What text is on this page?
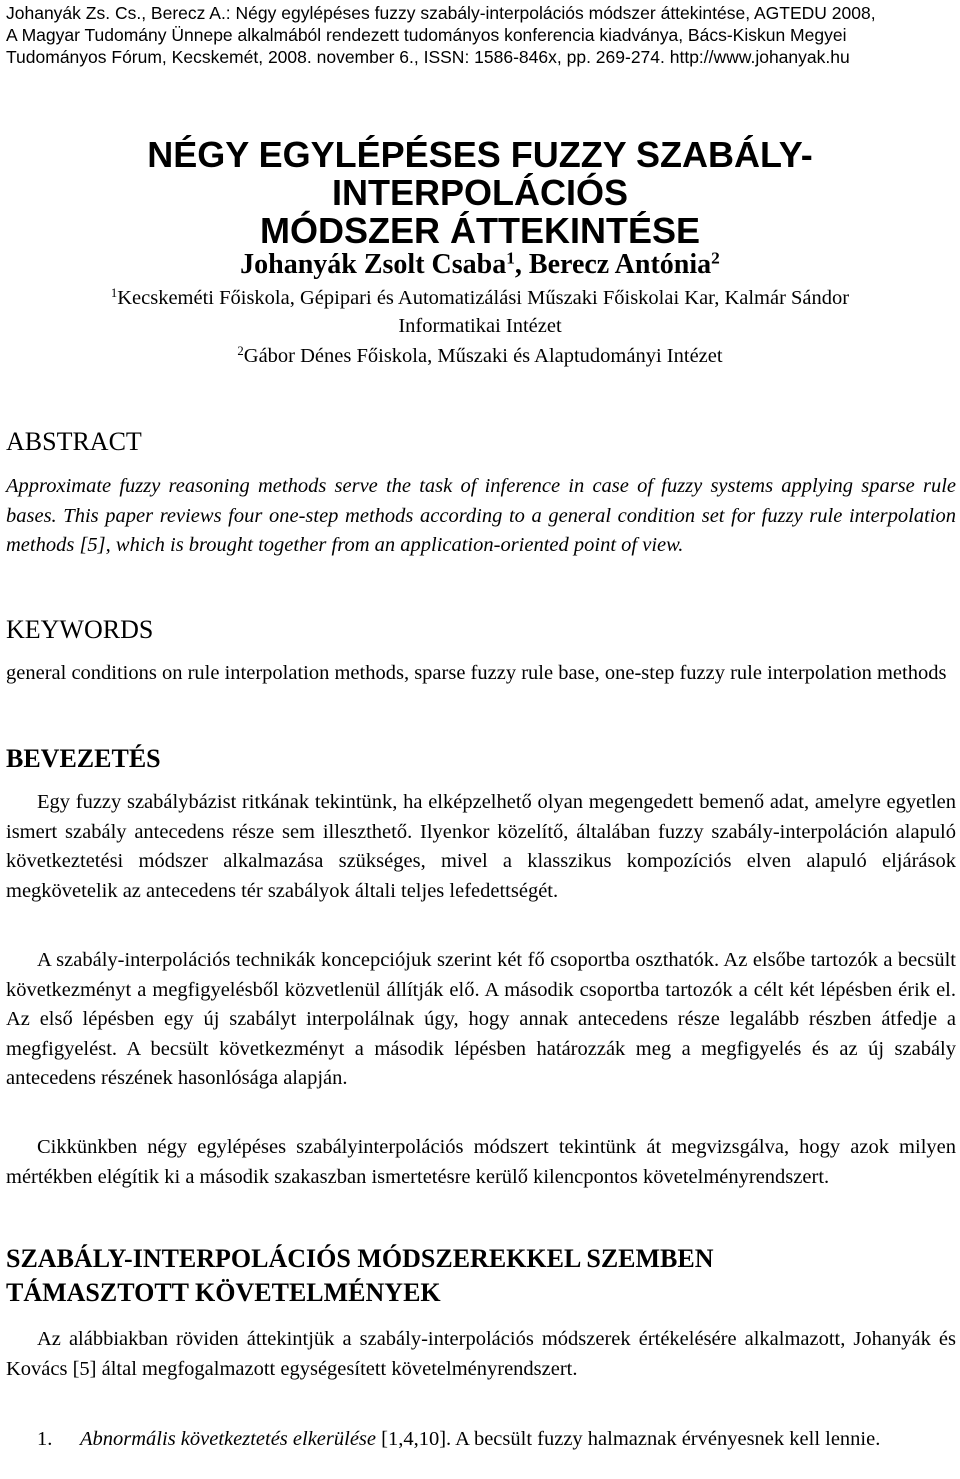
Johanyák Zs. Cs., Berecz A.: Négy egylépéses fuzzy szabály-interpolációs módszer áttekintése, AGTEDU 2008,
A Magyar Tudomány Ünnepe alkalmából rendezett tudományos konferencia kiadványa, Bács-Kiskun Megyei
Tudományos Fórum, Kecskemét, 2008. november 6., ISSN: 1586-846x, pp. 269-274. http://www.johanyak.hu
NÉGY EGYLÉPÉSES FUZZY SZABÁLY-INTERPOLÁCIÓS
MÓDSZER ÁTTEKINTÉSE
Johanyák Zsolt Csaba$^1$, Berecz Antónia$^2$
$^1$Kecskeméti Főiskola, Gépipari és Automatizálási Műszaki Főiskolai Kar, Kalmár Sándor
Informatikai Intézet
$^2$Gábor Dénes Főiskola, Műszaki és Alaptudományi Intézet
ABSTRACT
Approximate fuzzy reasoning methods serve the task of inference in case of fuzzy systems applying sparse rule bases. This paper reviews four one-step methods according to a general condition set for fuzzy rule interpolation methods [5], which is brought together from an application-oriented point of view.
KEYWORDS
general conditions on rule interpolation methods, sparse fuzzy rule base, one-step fuzzy rule interpolation methods
BEVEZETÉS
Egy fuzzy szabálybázist ritkának tekintünk, ha elképzelhető olyan megengedett bemenő adat, amelyre egyetlen ismert szabály antecedens része sem illeszthető. Ilyenkor közelítő, általában fuzzy szabály-interpoláción alapuló következtetési módszer alkalmazása szükséges, mivel a klasszikus kompozíciós elven alapuló eljárások megkövetelik az antecedens tér szabályok általi teljes lefedettségét.
A szabály-interpolációs technikák koncepciójuk szerint két fő csoportba oszthatók. Az elsőbe tartozók a becsült következményt a megfigyelésből közvetlenül állítják elő. A második csoportba tartozók a célt két lépésben érik el. Az első lépésben egy új szabályt interpolálnak úgy, hogy annak antecedens része legalább részben átfedje a megfigyelést. A becsült következményt a második lépésben határozzák meg a megfigyelés és az új szabály antecedens részének hasonlósága alapján.
Cikkünkben négy egylépéses szabályinterpolációs módszert tekintünk át megvizsgálva, hogy azok milyen mértékben elégítik ki a második szakaszban ismertetésre kerülő kilencpontos követelményrendszert.
SZABÁLY-INTERPOLÁCIÓS MÓDSZEREKKEL SZEMBEN
TÁMASZTOTT KÖVETELMÉNYEK
Az alábbiakban röviden áttekintjük a szabály-interpolációs módszerek értékelésére alkalmazott, Johanyák és Kovács [5] által megfogalmazott egységesített követelményrendszert.
1. Abnormális következtetés elkerülése [1,4,10]. A becsült fuzzy halmaznak érvényesnek kell lennie.
